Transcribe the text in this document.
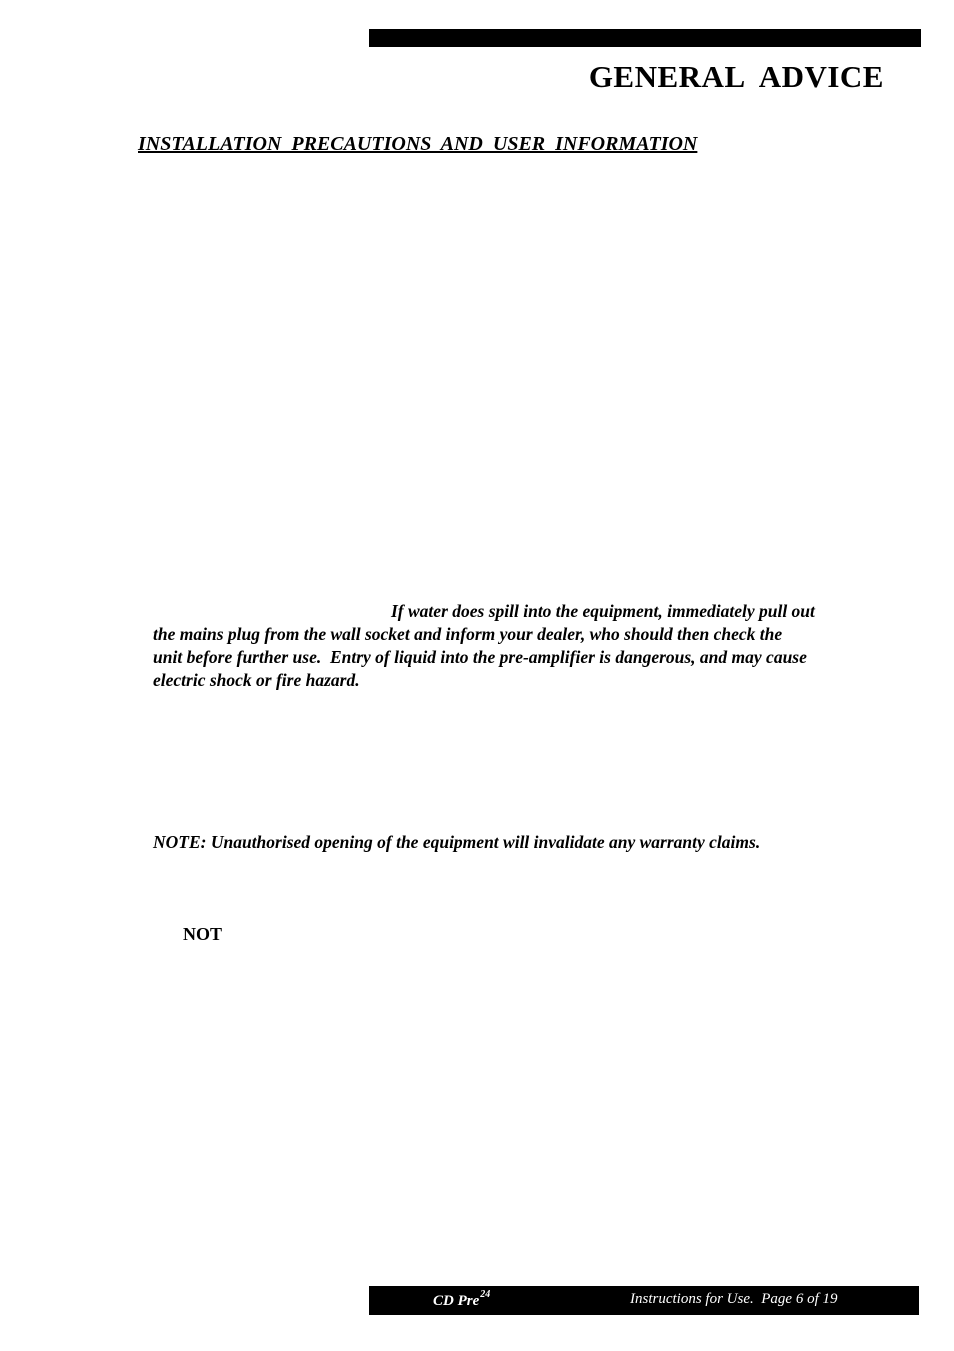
GENERAL  ADVICE
INSTALLATION  PRECAUTIONS  AND  USER  INFORMATION
If water does spill into the equipment, immediately pull out
the mains plug from the wall socket and inform your dealer, who should then check the
unit before further use.  Entry of liquid into the pre-amplifier is dangerous, and may cause
electric shock or fire hazard.
NOTE: Unauthorised opening of the equipment will invalidate any warranty claims.
NOT
CD Pre$^{24}$	Instructions for Use.  Page 6 of 19
